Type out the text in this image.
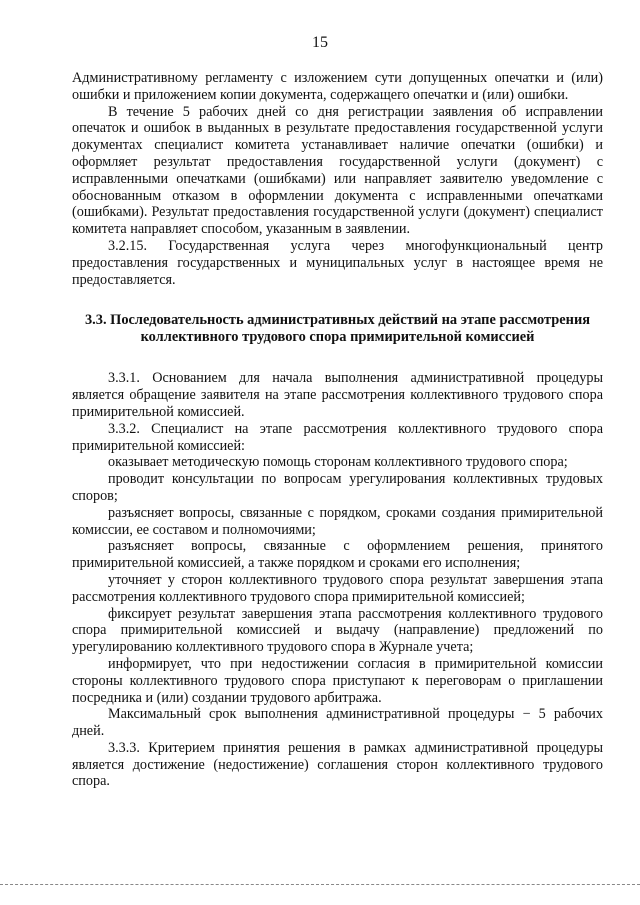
15

Административному регламенту с изложением сути допущенных опечатки и (или) ошибки и приложением копии документа, содержащего опечатки и (или) ошибки.

В течение 5 рабочих дней со дня регистрации заявления об исправлении опечаток и ошибок в выданных в результате предоставления государственной услуги документах специалист комитета устанавливает наличие опечатки (ошибки) и оформляет результат предоставления государственной услуги (документ) с исправленными опечатками (ошибками) или направляет заявителю уведомление с обоснованным отказом в оформлении документа с исправленными опечатками (ошибками). Результат предоставления государственной услуги (документ) специалист комитета направляет способом, указанным в заявлении.

3.2.15. Государственная услуга через многофункциональный центр предоставления государственных и муниципальных услуг в настоящее время не предоставляется.

3.3. Последовательность административных действий на этапе рассмотрения
коллективного трудового спора примирительной комиссией

3.3.1. Основанием для начала выполнения административной процедуры является обращение заявителя на этапе рассмотрения коллективного трудового спора примирительной комиссией.

3.3.2. Специалист на этапе рассмотрения коллективного трудового спора примирительной комиссией:

оказывает методическую помощь сторонам коллективного трудового спора;

проводит консультации по вопросам урегулирования коллективных трудовых споров;

разъясняет вопросы, связанные с порядком, сроками создания примирительной комиссии, ее составом и полномочиями;

разъясняет вопросы, связанные с оформлением решения, принятого примирительной комиссией, а также порядком и сроками его исполнения;

уточняет у сторон коллективного трудового спора результат завершения этапа рассмотрения коллективного трудового спора примирительной комиссией;

фиксирует результат завершения этапа рассмотрения коллективного трудового спора примирительной комиссией и выдачу (направление) предложений по урегулированию коллективного трудового спора в Журнале учета;

информирует, что при недостижении согласия в примирительной комиссии стороны коллективного трудового спора приступают к переговорам о приглашении посредника и (или) создании трудового арбитража.

Максимальный срок выполнения административной процедуры − 5 рабочих дней.

3.3.3. Критерием принятия решения в рамках административной процедуры является достижение (недостижение) соглашения сторон коллективного трудового спора.
